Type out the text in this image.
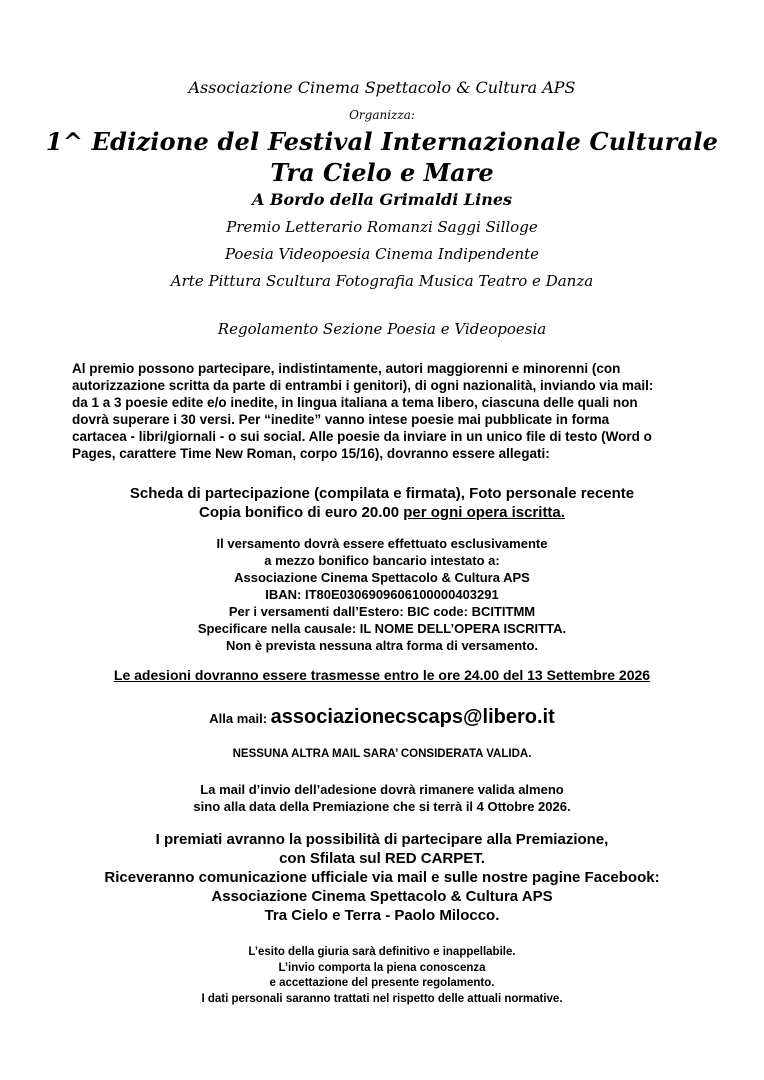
Associazione Cinema Spettacolo & Cultura APS
Organizza:
1^ Edizione del Festival Internazionale Culturale
Tra Cielo e Mare
A Bordo della Grimaldi Lines
Premio Letterario Romanzi Saggi Silloge
Poesia Videopoesia Cinema Indipendente
Arte Pittura Scultura Fotografia Musica Teatro e Danza
Regolamento Sezione Poesia e Videopoesia

Al premio possono partecipare, indistintamente, autori maggiorenni e minorenni (con

autorizzazione scritta da parte di entrambi i genitori), di ogni nazionalità, inviando via mail:

da 1 a 3 poesie edite e/o inedite, in lingua italiana a tema libero, ciascuna delle quali non

dovrà superare i 30 versi. Per “inedite” vanno intese poesie mai pubblicate in forma

cartacea - libri/giornali - o sui social. Alle poesie da inviare in un unico file di testo (Word o

Pages, carattere Time New Roman, corpo 15/16), dovranno essere allegati:

Scheda di partecipazione (compilata e firmata), Foto personale recente

Copia bonifico di euro 20.00 per ogni opera iscritta.

Il versamento dovrà essere effettuato esclusivamente

a mezzo bonifico bancario intestato a:

Associazione Cinema Spettacolo & Cultura APS

IBAN: IT80E0306909606100000403291

Per i versamenti dall’Estero: BIC code: BCITITMM

Specificare nella causale: IL NOME DELL’OPERA ISCRITTA.

Non è prevista nessuna altra forma di versamento.

Le adesioni dovranno essere trasmesse entro le ore 24.00 del 13 Settembre 2026
Alla mail: associazionecscaps@libero.it
NESSUNA ALTRA MAIL SARA’ CONSIDERATA VALIDA.

La mail d’invio dell’adesione dovrà rimanere valida almeno

sino alla data della Premiazione che si terrà il 4 Ottobre 2026.

I premiati avranno la possibilità di partecipare alla Premiazione,

con Sfilata sul RED CARPET.

Riceveranno comunicazione ufficiale via mail e sulle nostre pagine Facebook:

Associazione Cinema Spettacolo & Cultura APS

Tra Cielo e Terra - Paolo Milocco.

L’esito della giuria sarà definitivo e inappellabile.

L’invio comporta la piena conoscenza

e accettazione del presente regolamento.

I dati personali saranno trattati nel rispetto delle attuali normative.
